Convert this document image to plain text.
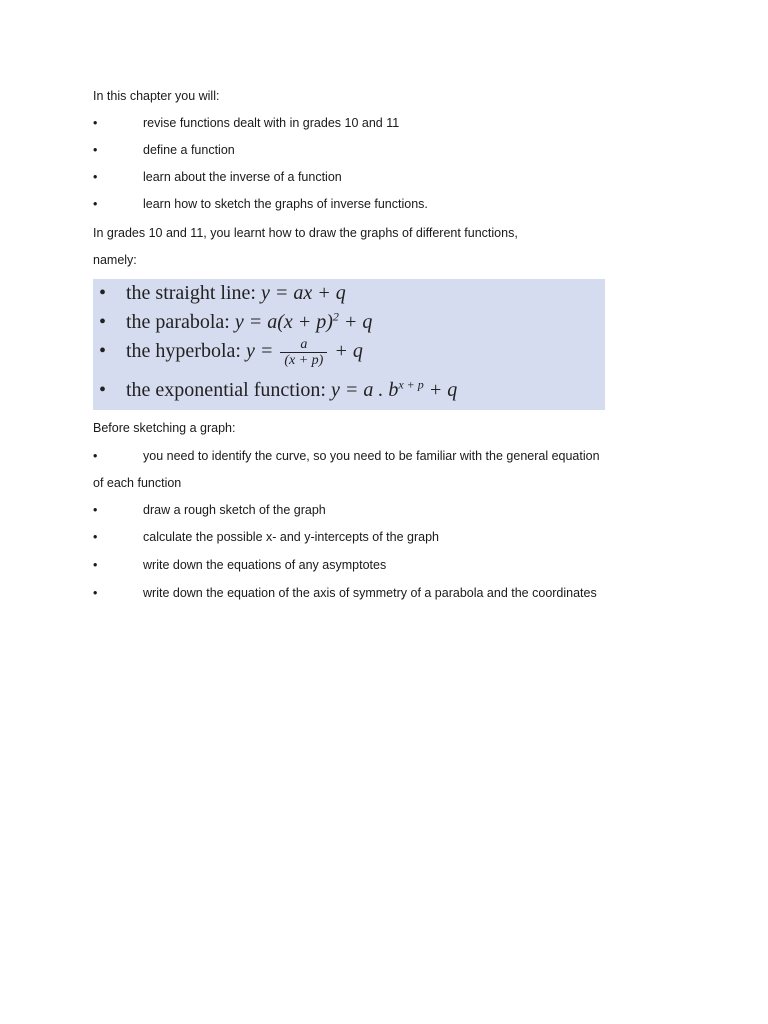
In this chapter you will:
•	revise functions dealt with in grades 10 and 11
•	define a function
•	learn about the inverse of a function
•	learn how to sketch the graphs of inverse functions.
In grades 10 and 11, you learnt how to draw the graphs of different functions,
namely:
• the straight line: y = ax + q
• the parabola: $y = a(x + p)^2 + q$
• the hyperbola: $y = \frac{a}{(x + p)} + q$
• the exponential function: y = a . $b^{x + p} + q$
Before sketching a graph:
•	you need to identify the curve, so you need to be familiar with the general equation
of each function
•	draw a rough sketch of the graph
•	calculate the possible x- and y-intercepts of the graph
•	write down the equations of any asymptotes
•	write down the equation of the axis of symmetry of a parabola and the coordinates
